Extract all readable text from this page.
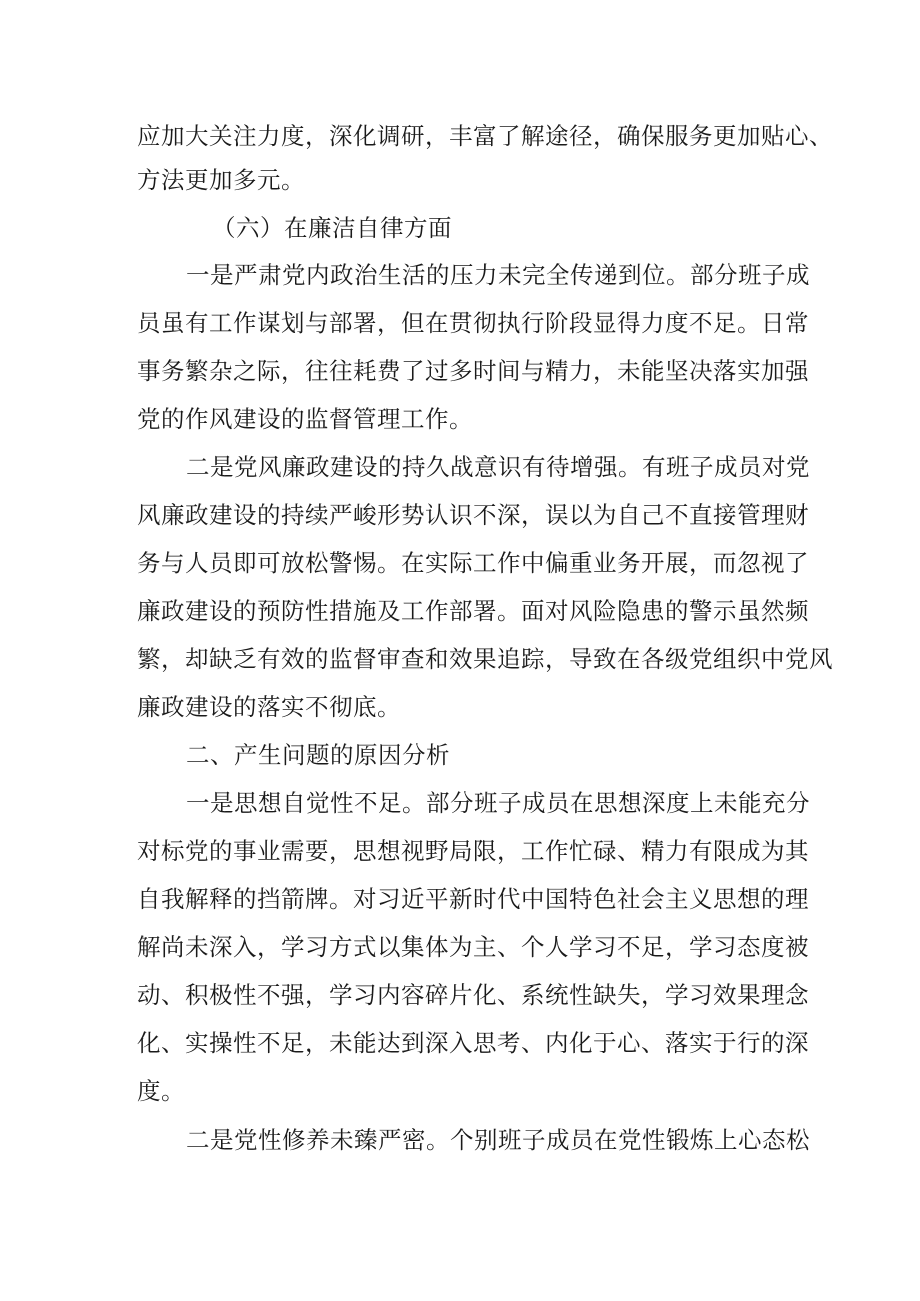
应加大关注力度，深化调研，丰富了解途径，确保服务更加贴心、
方法更加多元。
（六）在廉洁自律方面
一是严肃党内政治生活的压力未完全传递到位。部分班子成
员虽有工作谋划与部署，但在贯彻执行阶段显得力度不足。日常
事务繁杂之际，往往耗费了过多时间与精力，未能坚决落实加强
党的作风建设的监督管理工作。
二是党风廉政建设的持久战意识有待增强。有班子成员对党
风廉政建设的持续严峻形势认识不深，误以为自己不直接管理财
务与人员即可放松警惕。在实际工作中偏重业务开展，而忽视了
廉政建设的预防性措施及工作部署。面对风险隐患的警示虽然频
繁，却缺乏有效的监督审查和效果追踪，导致在各级党组织中党风
廉政建设的落实不彻底。
二、产生问题的原因分析
一是思想自觉性不足。部分班子成员在思想深度上未能充分
对标党的事业需要，思想视野局限，工作忙碌、精力有限成为其
自我解释的挡箭牌。对习近平新时代中国特色社会主义思想的理
解尚未深入，学习方式以集体为主、个人学习不足，学习态度被
动、积极性不强，学习内容碎片化、系统性缺失，学习效果理念
化、实操性不足，未能达到深入思考、内化于心、落实于行的深
度。
二是党性修养未臻严密。个别班子成员在党性锻炼上心态松
